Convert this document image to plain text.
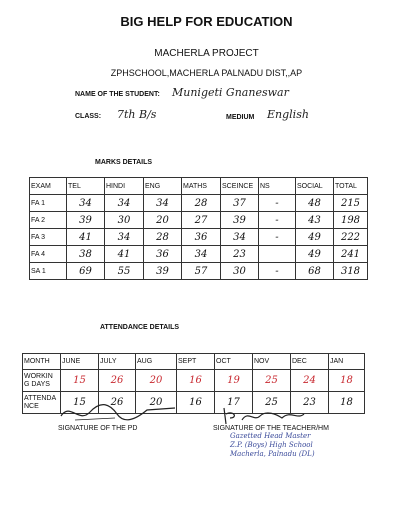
BIG HELP FOR EDUCATION
MACHERLA PROJECT
ZPHSCHOOL,MACHERLA PALNADU DIST,,AP
NAME OF THE STUDENT: Munigeti Gnaneswar
CLASS: 7th B/s	MEDIUM English
MARKS DETAILS
EXAM	TEL	HINDI	ENG	MATHS	SCEINCE	NS	SOCIAL	TOTAL
FA 1	34	34	34	28	37	-	48	215
FA 2	39	30	20	27	39	-	43	198
FA 3	41	34	28	36	34	-	49	222
FA 4	38	41	36	34	23		49	241
SA 1	69	55	39	57	30	-	68	318
ATTENDANCE DETAILS
MONTH	JUNE	JULY	AUG	SEPT	OCT	NOV	DEC	JAN

WORKIN
G DAYS	15	26	20	16	19	25	24	18

ATTENDA
NCE	15	26	20	16	17	25	23	18
SIGNATURE OF THE PD	SIGNATURE OF THE TEACHER/HM
Gazetted Head Master
Z.P. (Boys) High School
Macherla, Palnadu (DL)
